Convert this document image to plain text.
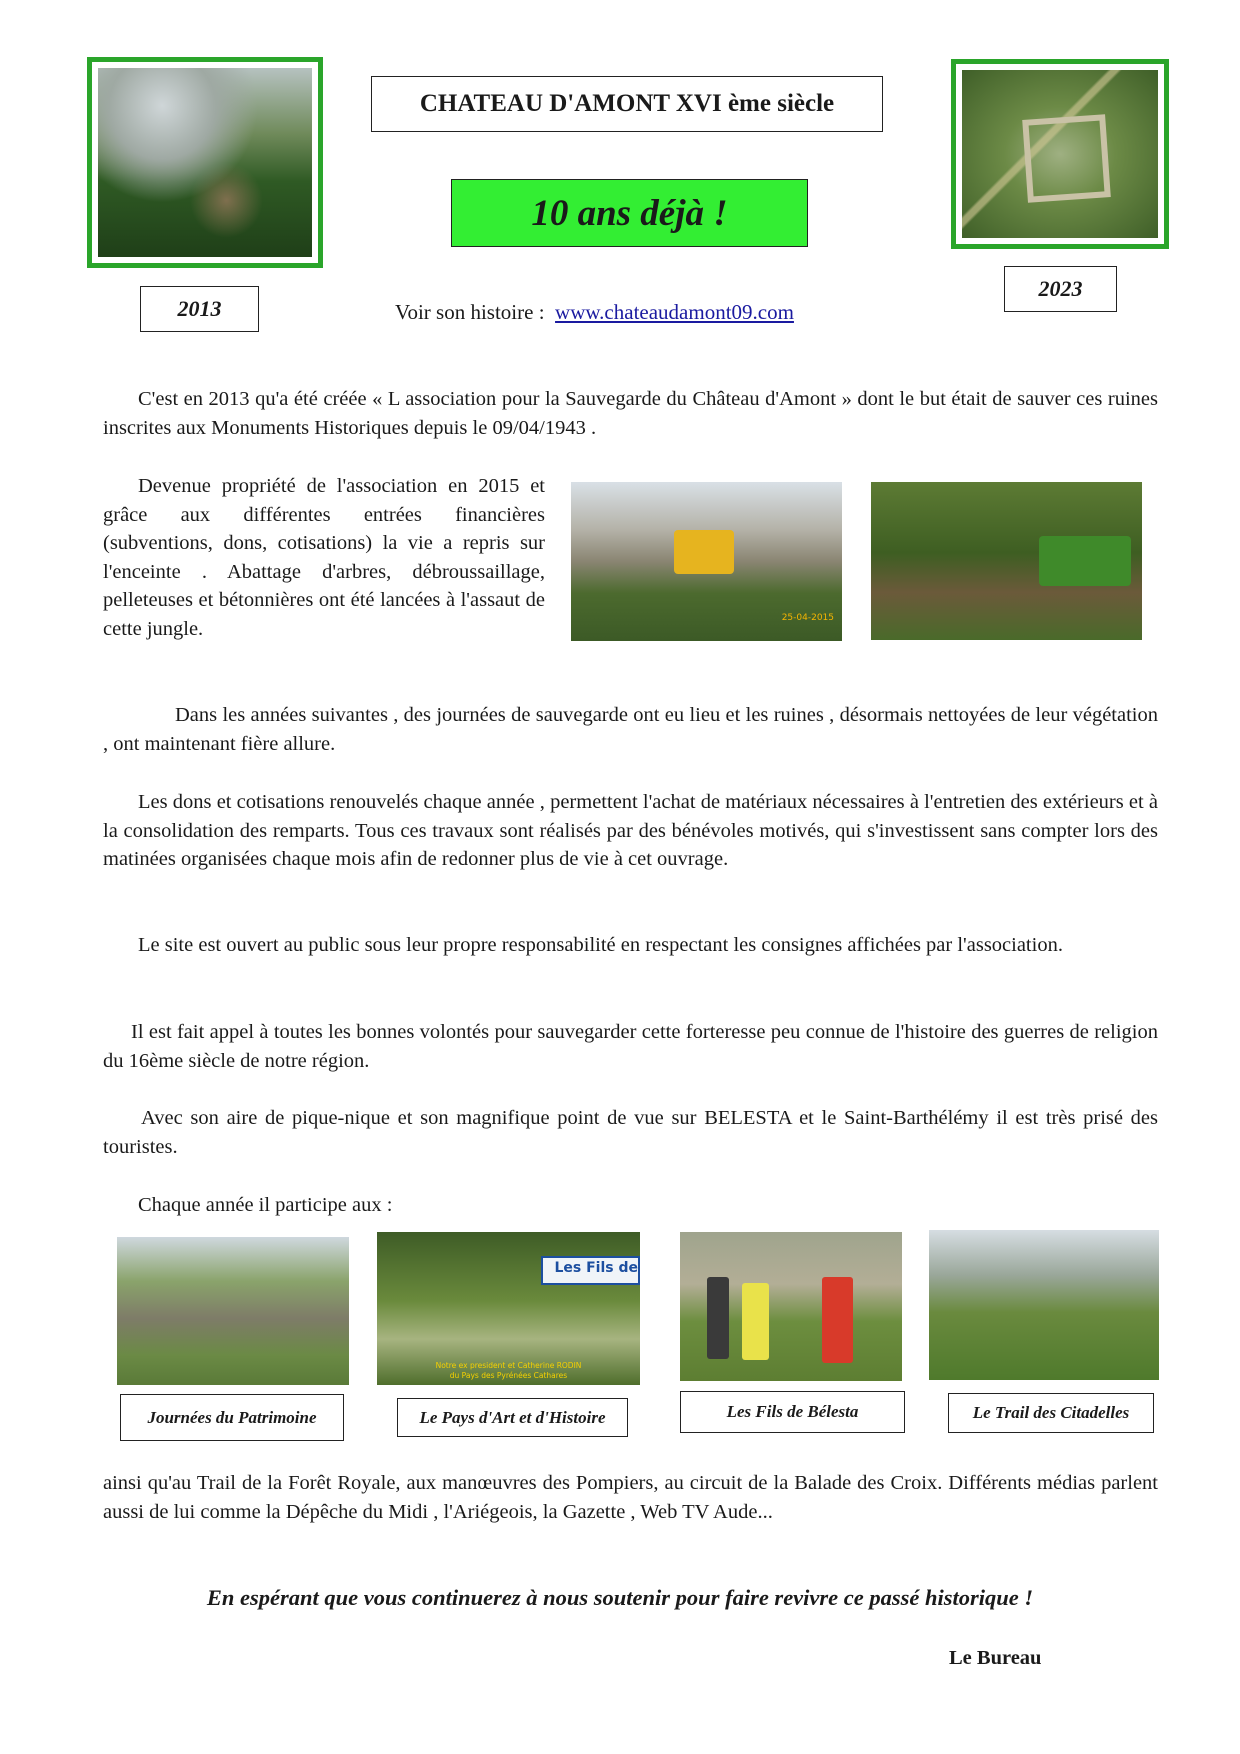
CHATEAU D'AMONT XVI ème siècle
10 ans déjà !
2013
2023
Voir son histoire : www.chateaudamont09.com
C'est en 2013 qu'a été créée « L association pour la Sauvegarde du Château d'Amont » dont le but était de sauver ces ruines inscrites aux Monuments Historiques depuis le 09/04/1943 .
Devenue propriété de l'association en 2015 et grâce aux différentes entrées financières (subventions, dons, cotisations) la vie a repris sur l'enceinte . Abattage d'arbres, débroussaillage, pelleteuses et bétonnières ont été lancées à l'assaut de cette jungle.	25-04-2015
Dans les années suivantes , des journées de sauvegarde ont eu lieu et les ruines , désormais nettoyées de leur végétation , ont maintenant fière allure.
Les dons et cotisations renouvelés chaque année , permettent l'achat de matériaux nécessaires à l'entretien des extérieurs et à la consolidation des remparts. Tous ces travaux sont réalisés par des bénévoles motivés, qui s'investissent sans compter lors des matinées organisées chaque mois afin de redonner plus de vie à cet ouvrage.
Le site est ouvert au public sous leur propre responsabilité en respectant les consignes affichées par l'association.
Il est fait appel à toutes les bonnes volontés pour sauvegarder cette forteresse peu connue de l'histoire des guerres de religion du 16ème siècle de notre région.
Avec son aire de pique-nique et son magnifique point de vue sur BELESTA et le Saint-Barthélémy il est très prisé des touristes.
Chaque année il participe aux :
Les Fils de
Notre ex president et Catherine RODIN
du Pays des Pyrénées Cathares
Journées du Patrimoine	Le Pays d'Art et d'Histoire	Les Fils de Bélesta	Le Trail des Citadelles
ainsi qu'au Trail de la Forêt Royale, aux manœuvres des Pompiers, au circuit de la Balade des Croix. Différents médias parlent aussi de lui comme la Dépêche du Midi , l'Ariégeois, la Gazette , Web TV Aude...
En espérant que vous continuerez à nous soutenir pour faire revivre ce passé historique !
Le Bureau
